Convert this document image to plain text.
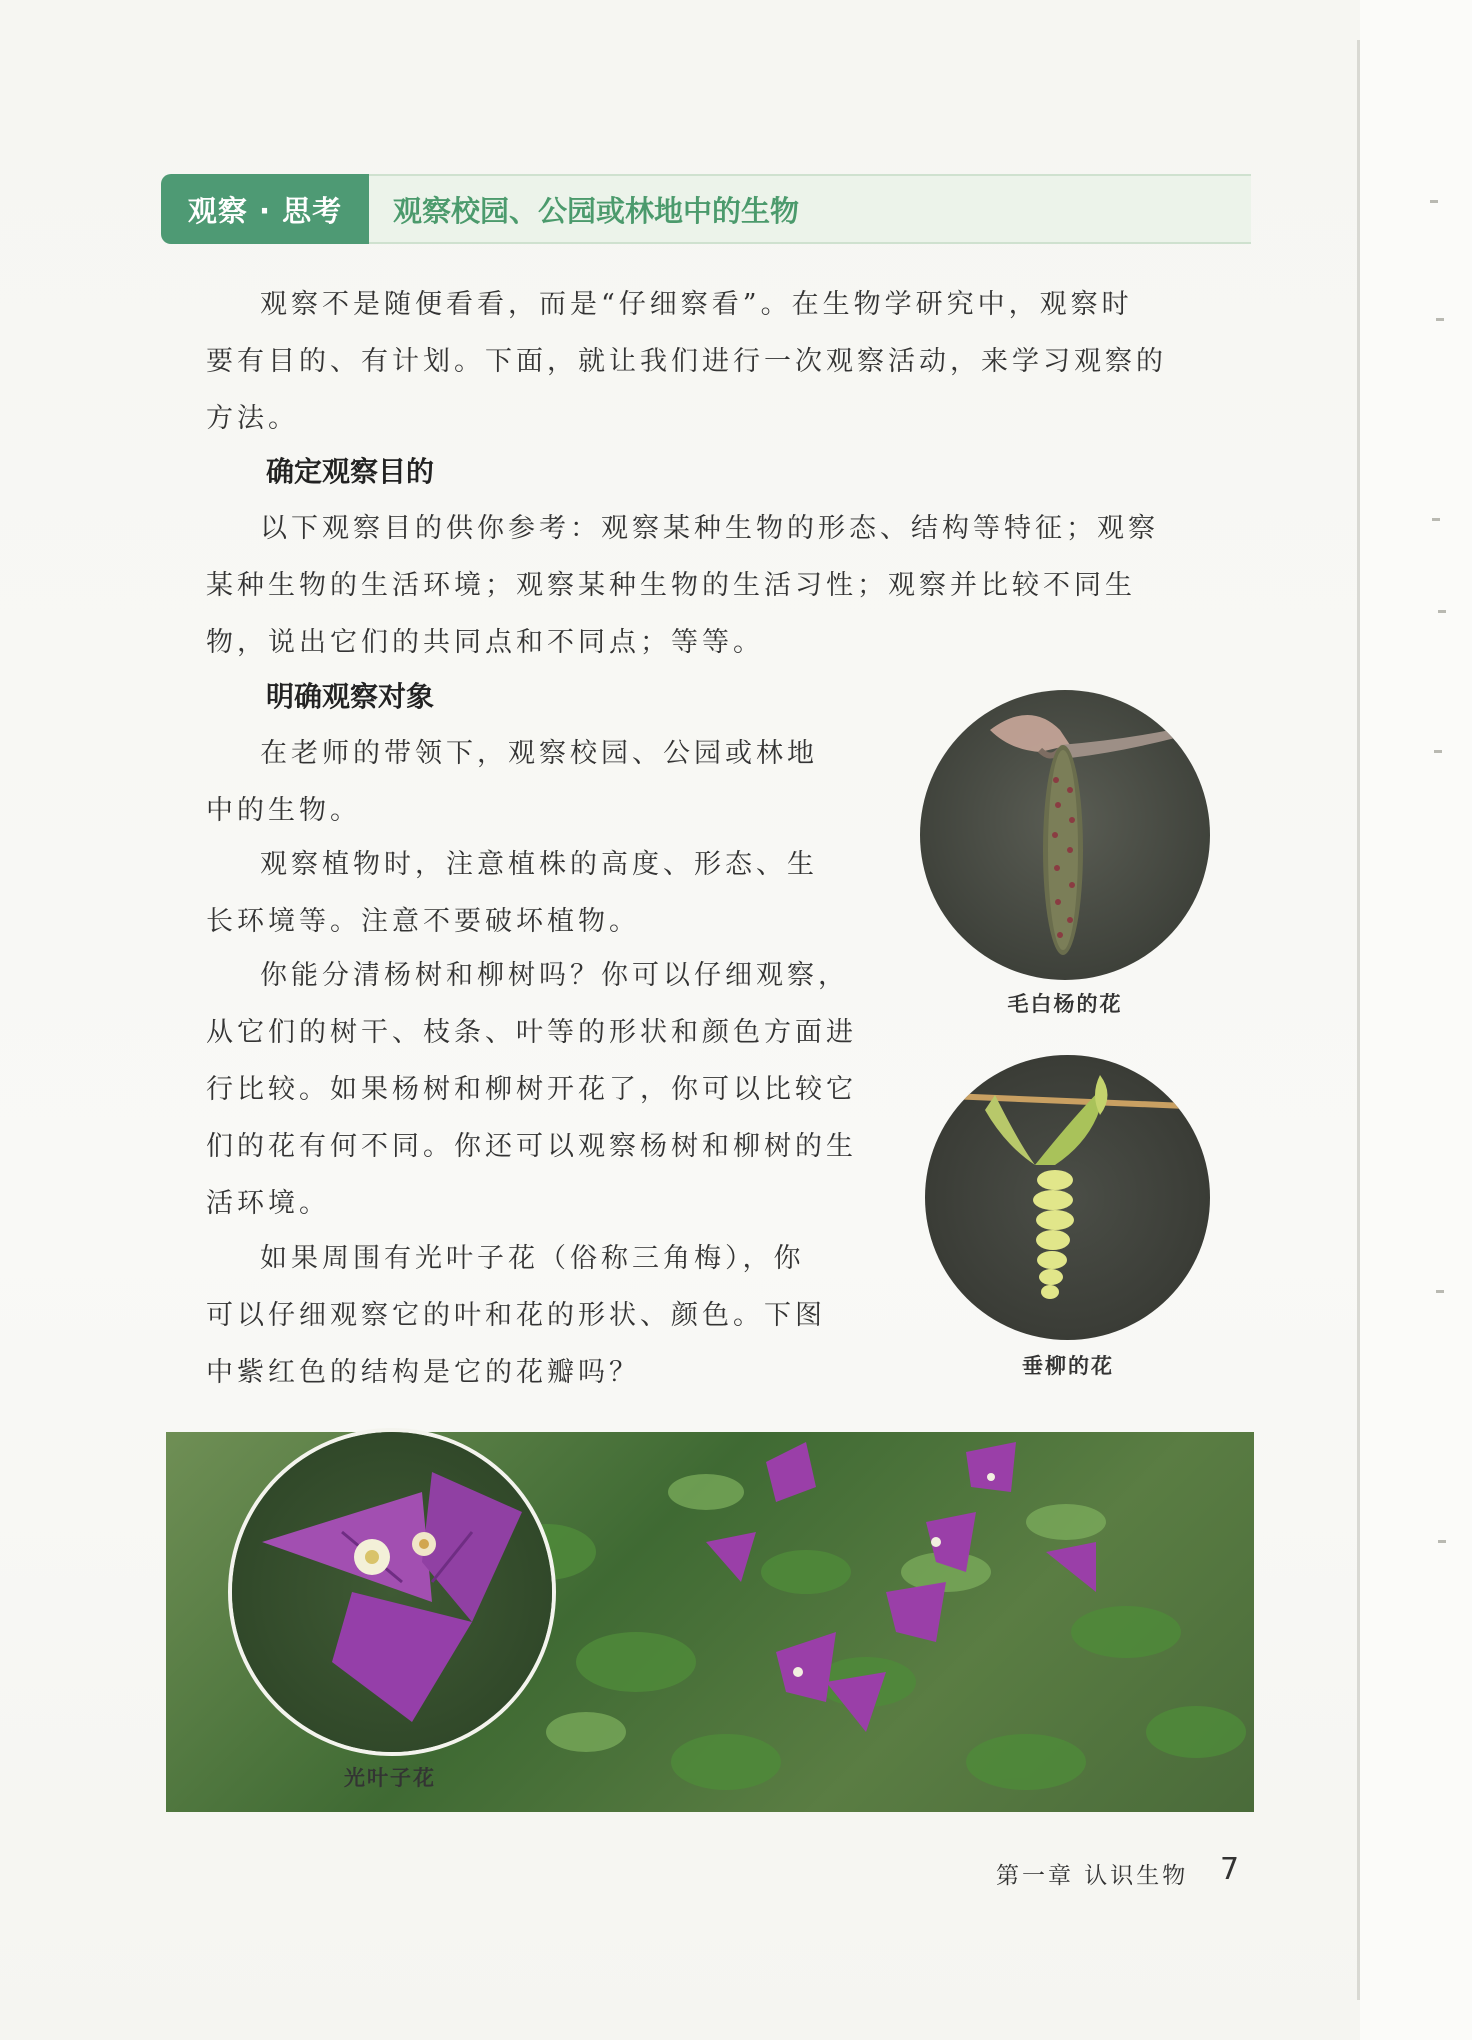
观察 · 思考	观察校园、公园或林地中的生物
观察不是随便看看，而是“仔细察看”。在生物学研究中，观察时
要有目的、有计划。下面，就让我们进行一次观察活动，来学习观察的
方法。
确定观察目的
以下观察目的供你参考：观察某种生物的形态、结构等特征；观察
某种生物的生活环境；观察某种生物的生活习性；观察并比较不同生
物，说出它们的共同点和不同点；等等。
明确观察对象
在老师的带领下，观察校园、公园或林地
中的生物。
观察植物时，注意植株的高度、形态、生
长环境等。注意不要破坏植物。
你能分清杨树和柳树吗？你可以仔细观察，
从它们的树干、枝条、叶等的形状和颜色方面进
行比较。如果杨树和柳树开花了，你可以比较它
们的花有何不同。你还可以观察杨树和柳树的生
活环境。
如果周围有光叶子花（俗称三角梅），你
可以仔细观察它的叶和花的形状、颜色。下图
中紫红色的结构是它的花瓣吗？
毛白杨的花
垂柳的花
光叶子花
第一章 认识生物 7
